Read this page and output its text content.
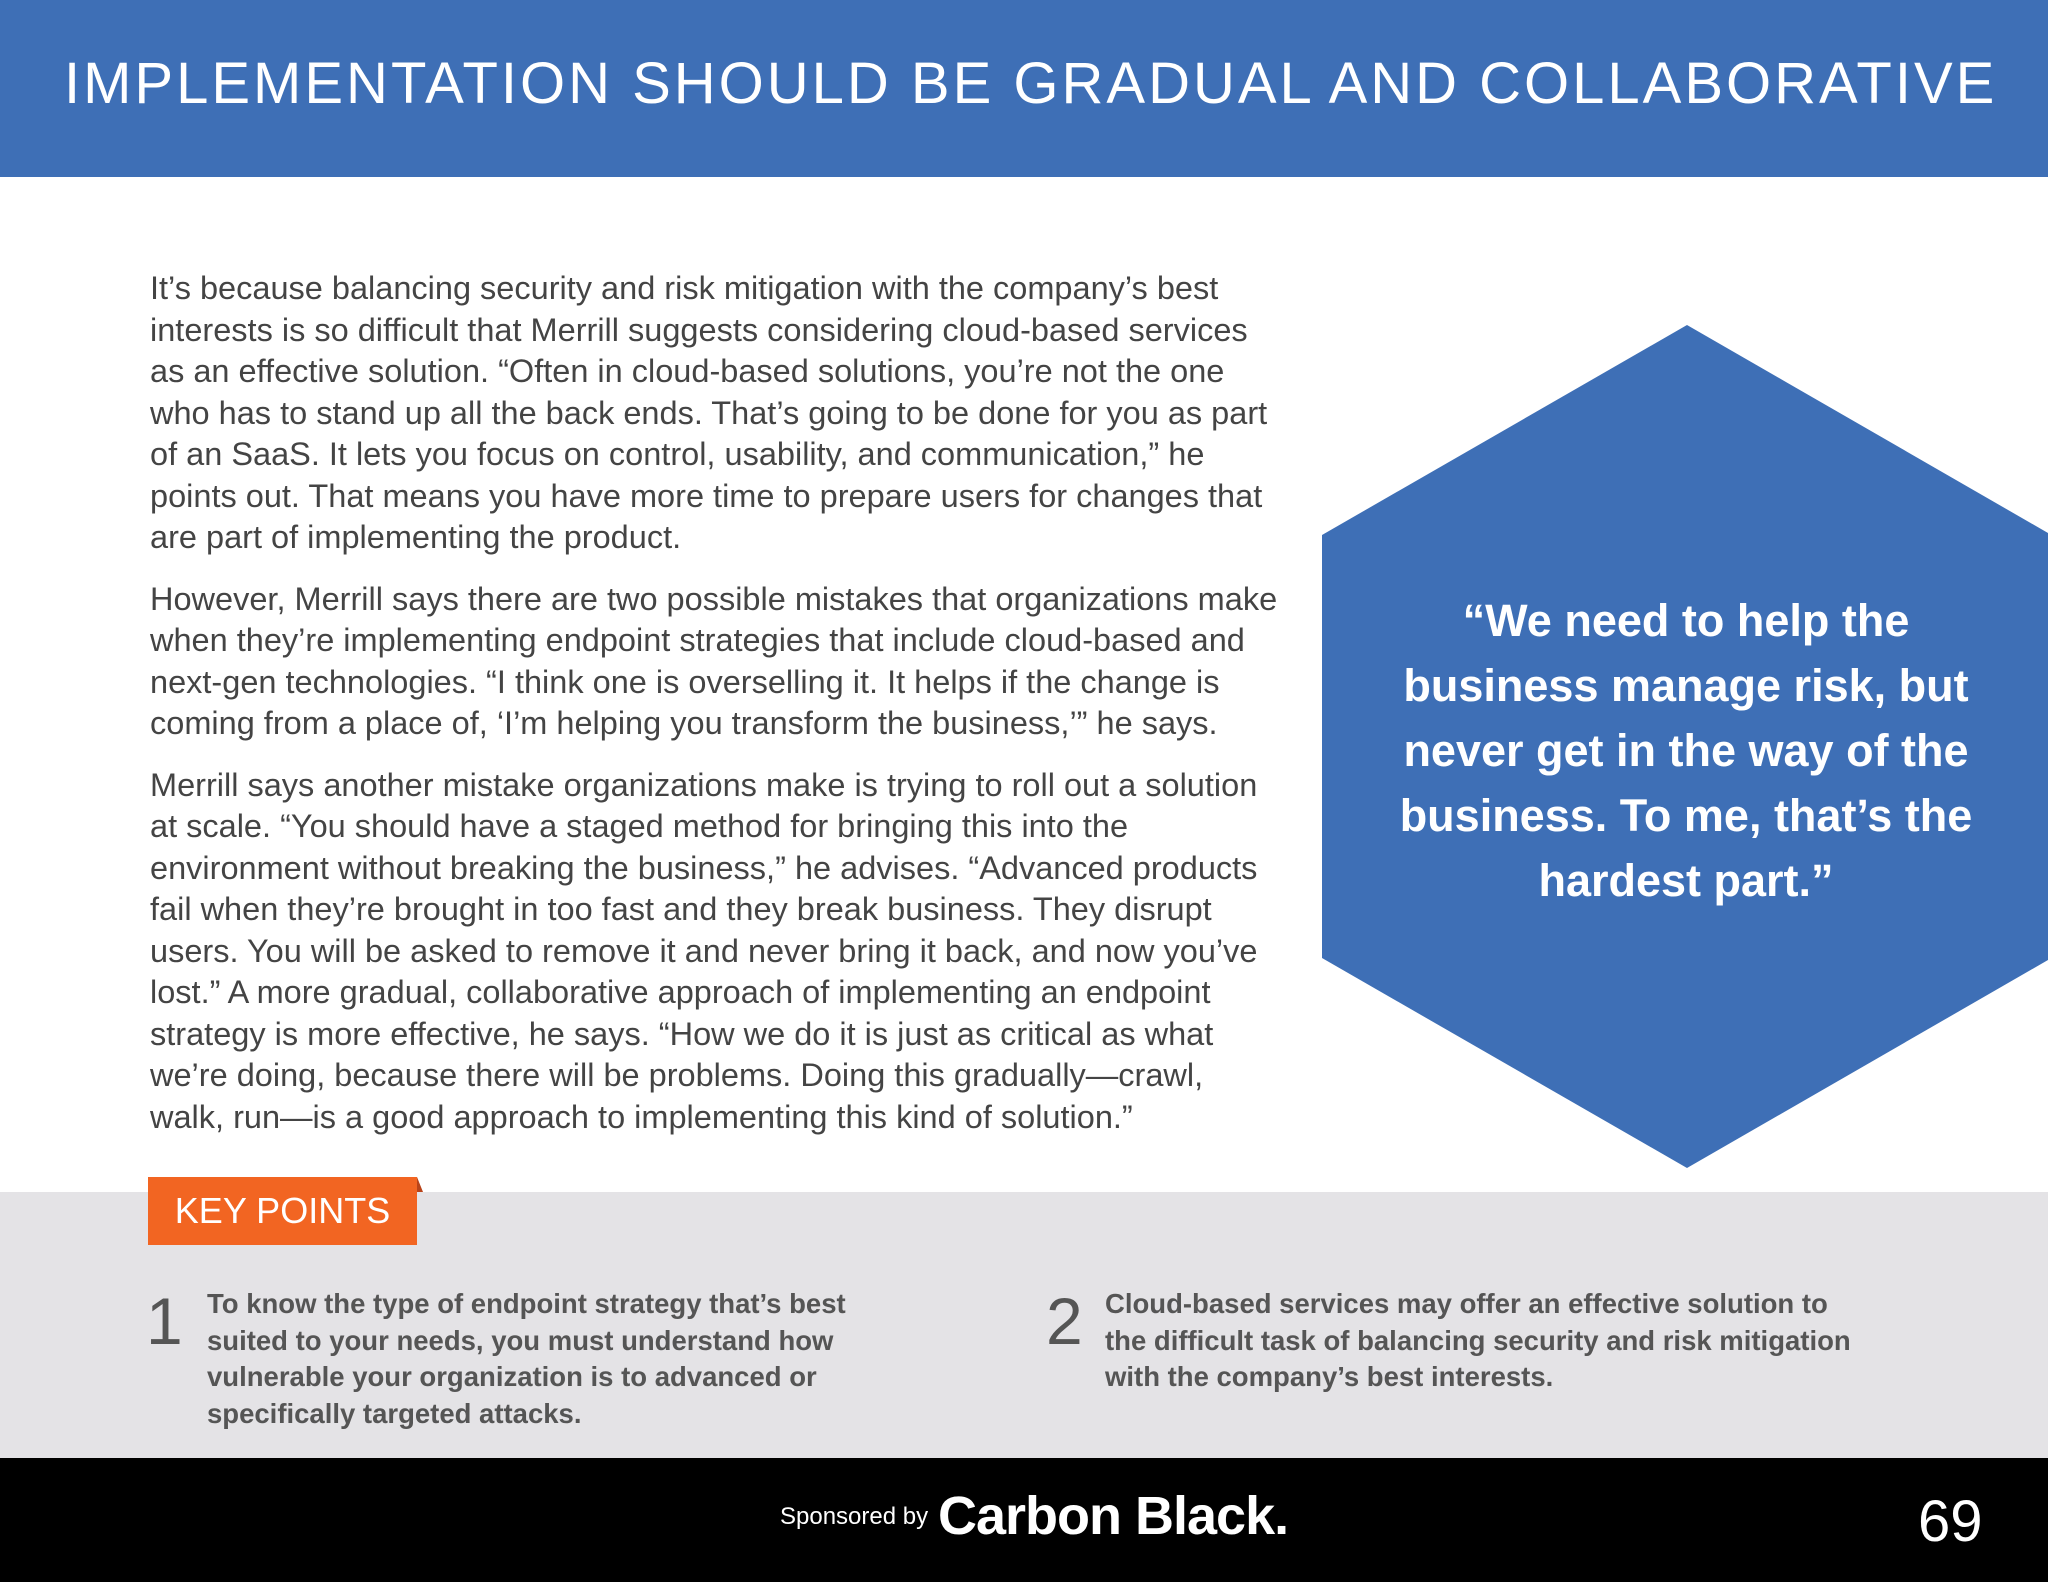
IMPLEMENTATION SHOULD BE GRADUAL AND COLLABORATIVE

It’s because balancing security and risk mitigation with the company’s best interests is so difficult that Merrill suggests considering cloud-based services as an effective solution. “Often in cloud-based solutions, you’re not the one who has to stand up all the back ends. That’s going to be done for you as part of an SaaS. It lets you focus on control, usability, and communication,” he points out. That means you have more time to prepare users for changes that are part of implementing the product.

However, Merrill says there are two possible mistakes that organizations make when they’re implementing endpoint strategies that include cloud-based and next-gen technologies. “I think one is overselling it. It helps if the change is coming from a place of, ‘I’m helping you transform the business,’” he says.

Merrill says another mistake organizations make is trying to roll out a solution at scale. “You should have a staged method for bringing this into the environment without breaking the business,” he advises. “Advanced products fail when they’re brought in too fast and they break business. They disrupt users. You will be asked to remove it and never bring it back, and now you’ve lost.” A more gradual, collaborative approach of implementing an endpoint strategy is more effective, he says. “How we do it is just as critical as what we’re doing, because there will be problems. Doing this gradually—crawl, walk, run—is a good approach to implementing this kind of solution.”

“We need to help the business manage risk, but never get in the way of the business. To me, that’s the hardest part.”

KEY POINTS
1 To know the type of endpoint strategy that’s best suited to your needs, you must understand how vulnerable your organization is to advanced or specifically targeted attacks.

2 Cloud-based services may offer an effective solution to the difficult task of balancing security and risk mitigation with the company’s best interests.

Sponsored by Carbon Black.	69
